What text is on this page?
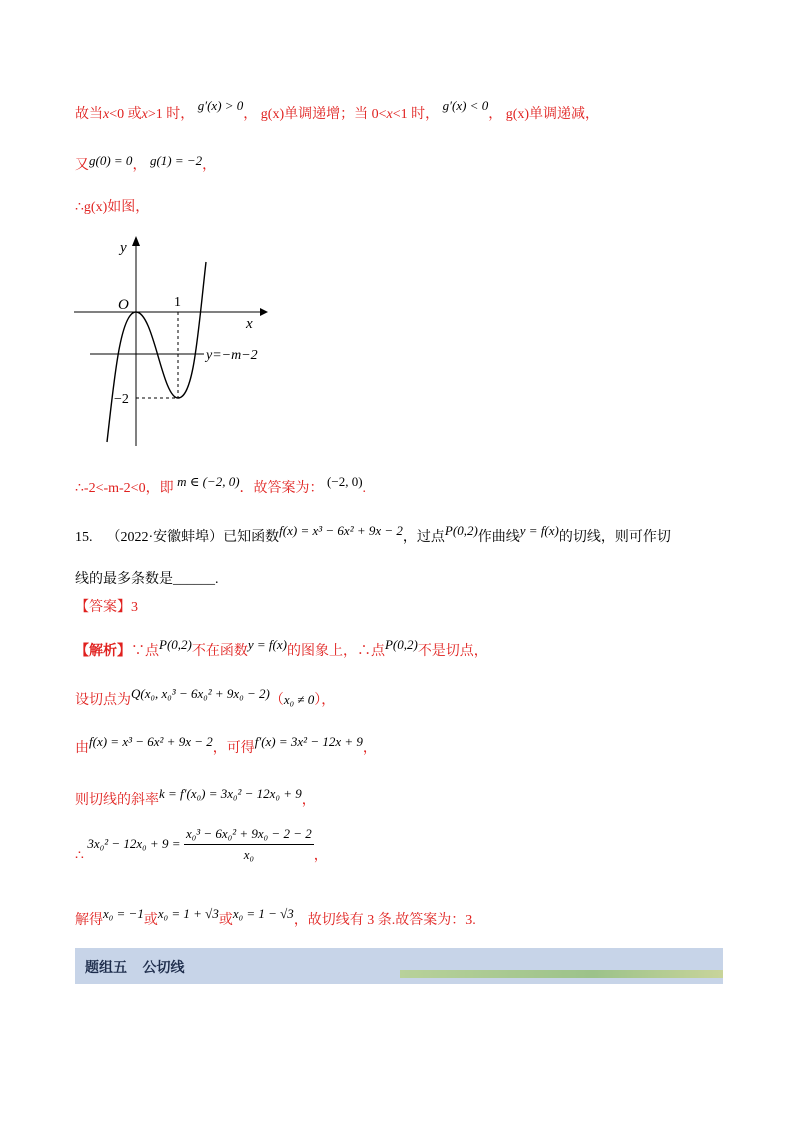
故当x<0 或x>1 时， g′(x) > 0， g(x)单调递增；当 0<x<1 时， g′(x) < 0， g(x)单调递减，
又g(0) = 0， g(1) = −2，
∴g(x)如图，
y
x
O	1
−2
y=−m−2
∴-2<-m-2<0，即 m ∈ (−2, 0)．故答案为： (−2, 0).
15. （2022·安徽蚌埠）已知函数f(x) = x³ − 6x² + 9x − 2，过点P(0,2)作曲线y = f(x)的切线，则可作切
线的最多条数是______.
【答案】3
【解析】∵点P(0,2)不在函数y = f(x)的图象上，∴点P(0,2)不是切点，
设切点为Q(x₀, x₀³ − 6x₀² + 9x₀ − 2)（x₀ ≠ 0），
由f(x) = x³ − 6x² + 9x − 2，可得f′(x) = 3x² − 12x + 9，
则切线的斜率k = f′(x₀) = 3x₀² − 12x₀ + 9，
∴ $3x_0^2 - 12x_0 + 9 = \frac{\text{x₀³ − 6x₀² + 9x₀ − 2 − 2}}{\text{x₀}}$ ，
解得x₀ = −1或x₀ = 1 + √3或x₀ = 1 − √3，故切线有 3 条.故答案为：3.
题组五    公切线
